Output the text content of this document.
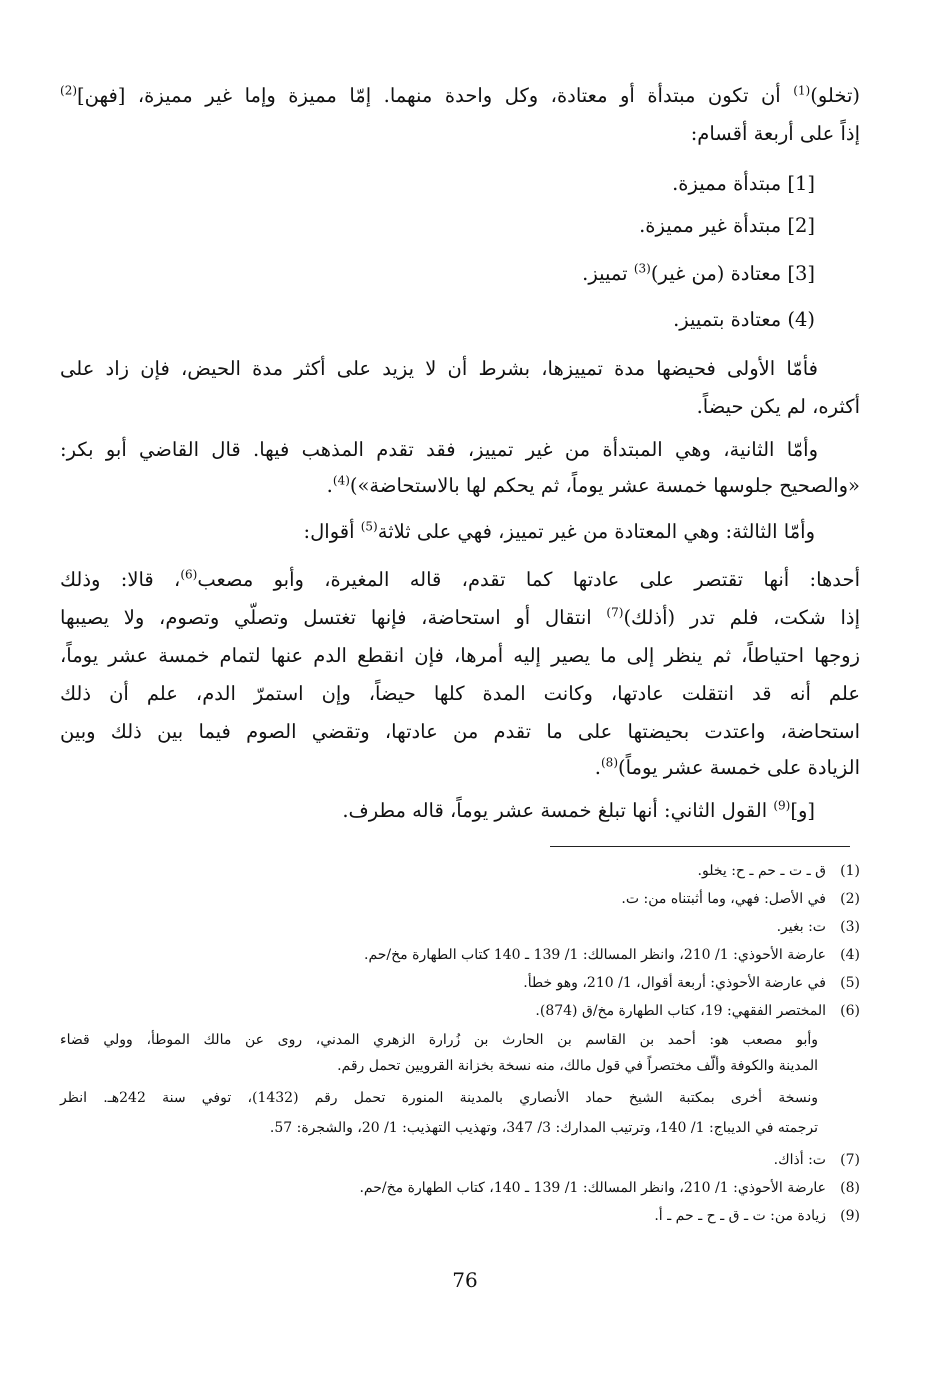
(تخلو)$^{(1)}$ أن تكون مبتدأة أو معتادة، وكل واحدة منهما. إمّا مميزة وإما غير مميزة، [فهن]$^{(2)}$
إذاً على أربعة أقسام:
[1] مبتدأة مميزة.
[2] مبتدأة غير مميزة.
[3] معتادة (من غير)$^{(3)}$ تمييز.
(4) معتادة بتمييز.
فأمّا الأولى فحيضها مدة تمييزها، بشرط أن لا يزيد على أكثر مدة الحيض، فإن زاد على
أكثره، لم يكن حيضاً.
وأمّا الثانية، وهي المبتدأة من غير تمييز، فقد تقدم المذهب فيها. قال القاضي أبو بكر:
«والصحيح جلوسها خمسة عشر يوماً، ثم يحكم لها بالاستحاضة»)$^{(4)}$.
وأمّا الثالثة: وهي المعتادة من غير تمييز، فهي على ثلاثة$^{(5)}$ أقوال:
أحدها: أنها تقتصر على عادتها كما تقدم، قاله المغيرة، وأبو مصعب$^{(6)}$، قالا: وذلك
إذا شكت، فلم تدر (أذلك)$^{(7)}$ انتقال أو استحاضة، فإنها تغتسل وتصلّي وتصوم، ولا يصيبها
زوجها احتياطاً، ثم ينظر إلى ما يصير إليه أمرها، فإن انقطع الدم عنها لتمام خمسة عشر يوماً،
علم أنه قد انتقلت عادتها، وكانت المدة كلها حيضاً، وإن استمرّ الدم، علم أن ذلك
استحاضة، واعتدت بحيضتها على ما تقدم من عادتها، وتقضي الصوم فيما بين ذلك وبين
الزيادة على خمسة عشر يوماً)$^{(8)}$.
[و]$^{(9)}$ القول الثاني: أنها تبلغ خمسة عشر يوماً، قاله مطرف.
(1)ق ـ ت ـ حم ـ ح: يخلو.
(2)في الأصل: فهي، وما أثبتناه من: ت.
(3)ت: بغير.
(4)عارضة الأحوذي: 1/ 210، وانظر المسالك: 1/ 139 ـ 140 كتاب الطهارة مخ/حم.
(5)في عارضة الأحوذي: أربعة أقوال، 1/ 210، وهو خطأ.
(6)المختصر الفقهي: 19، كتاب الطهارة مخ/ق (874).
وأبو مصعب هو: أحمد بن القاسم بن الحارث بن زُرارة الزهري المدني، روى عن مالك الموطأ، وولي قضاء
المدينة والكوفة وألّف مختصراً في قول مالك، منه نسخة بخزانة القرويين تحمل رقم.
ونسخة أخرى بمكتبة الشيخ حماد الأنصاري بالمدينة المنورة تحمل رقم (1432)، توفي سنة 242هـ. انظر
ترجمته في الديباج: 1/ 140، وترتيب المدارك: 3/ 347، وتهذيب التهذيب: 1/ 20، والشجرة: 57.
(7)ت: أذاك.
(8)عارضة الأحوذي: 1/ 210، وانظر المسالك: 1/ 139 ـ 140، كتاب الطهارة مخ/حم.
(9)زيادة من: ت ـ ق ـ ح ـ حم ـ أ.
76
